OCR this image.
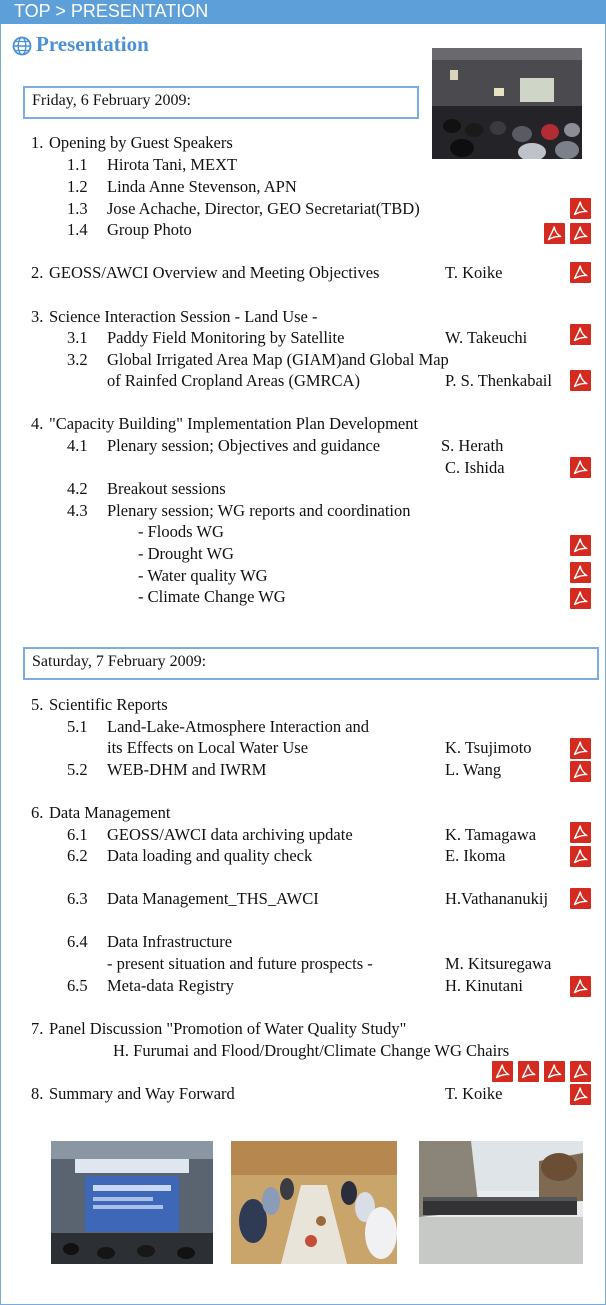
TOP > PRESENTATION
Presentation
Friday, 6 February 2009:
Saturday, 7 February 2009:
1. Opening by Guest Speakers
1.1 Hirota Tani, MEXT
1.2 Linda Anne Stevenson, APN
1.3 Jose Achache, Director, GEO Secretariat(TBD)
1.4 Group Photo
2. GEOSS/AWCI Overview and Meeting Objectives	T. Koike
3. Science Interaction Session - Land Use -
3.1 Paddy Field Monitoring by Satellite	W. Takeuchi
3.2 Global Irrigated Area Map (GIAM)and Global Map
of Rainfed Cropland Areas (GMRCA)	P. S. Thenkabail
4. "Capacity Building" Implementation Plan Development
4.1 Plenary session; Objectives and guidance	S. Herath
C. Ishida
4.2 Breakout sessions
4.3 Plenary session; WG reports and coordination
- Floods WG
- Drought WG
- Water quality WG
- Climate Change WG
5. Scientific Reports
5.1 Land-Lake-Atmosphere Interaction and
its Effects on Local Water Use	K. Tsujimoto
5.2 WEB-DHM and IWRM	L. Wang
6. Data Management
6.1 GEOSS/AWCI data archiving update	K. Tamagawa
6.2 Data loading and quality check	E. Ikoma
6.3 Data Management_THS_AWCI	H.Vathananukij
6.4 Data Infrastructure
- present situation and future prospects -	M. Kitsuregawa
6.5 Meta-data Registry	H. Kinutani
7. Panel Discussion "Promotion of Water Quality Study"
H. Furumai and Flood/Drought/Climate Change WG Chairs
8. Summary and Way Forward	T. Koike
